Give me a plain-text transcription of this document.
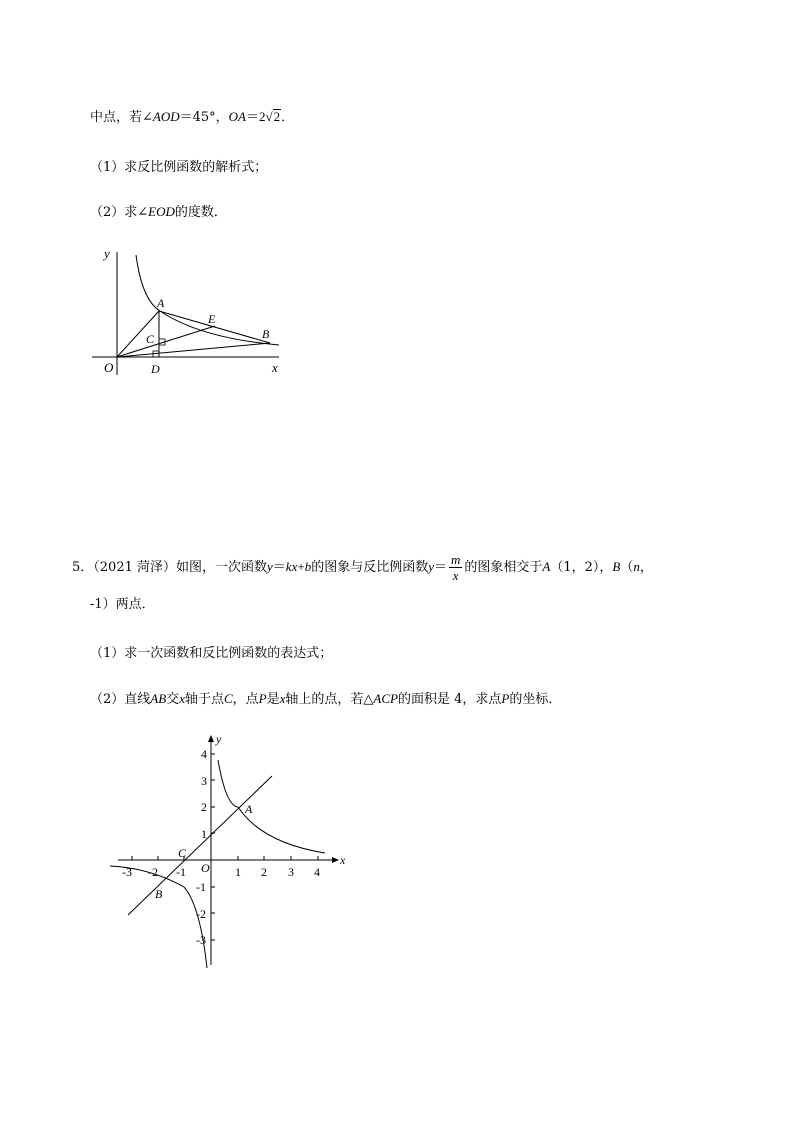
中点，若∠AOD＝45°，OA＝2√2．
（1）求反比例函数的解析式；
（2）求∠EOD的度数．
y
x
O
A
B
C
D
E
5．（2021 菏泽）如图，一次函数y＝kx+b的图象与反比例函数$y= \frac{m}{x}$ 的图象相交于A（1，2），B（n，
-1）两点．
（1）求一次函数和反比例函数的表达式；
（2）直线AB交x轴于点C，点P是x轴上的点，若△ACP的面积是 4，求点P的坐标．
y
x
O
A
B
C
-3 -2 -1	1 2 3 4
4
3
2
1
-1
-2
-3
